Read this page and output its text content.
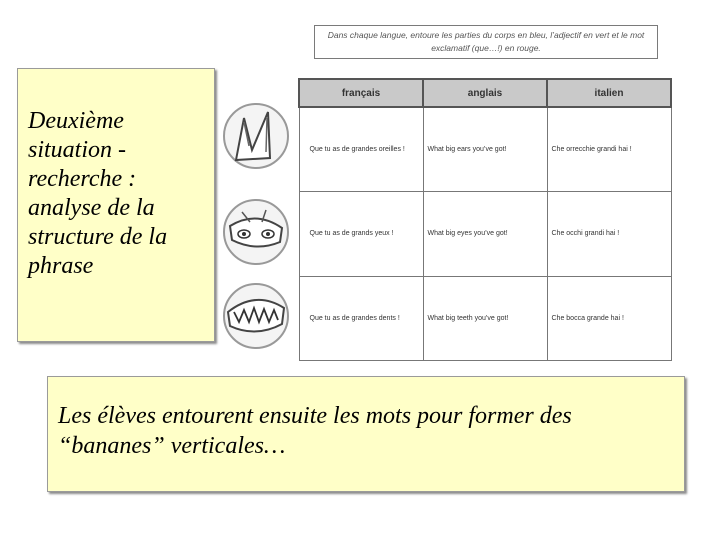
Deuxième situation - recherche : analyse de la structure de la phrase
Dans chaque langue, entoure les parties du corps en bleu, l’adjectif en vert et le mot exclamatif (que…!) en rouge.
français	anglais	italien
Que tu as de grandes oreilles !	What big ears you’ve got!	Che orrecchie grandi hai !
Que tu as de grands yeux !	What big eyes you’ve got!	Che occhi grandi hai !
Que tu as de grandes dents !	What big teeth you’ve got!	Che bocca grande hai !
Les élèves entourent ensuite les mots pour former des “bananes” verticales…
